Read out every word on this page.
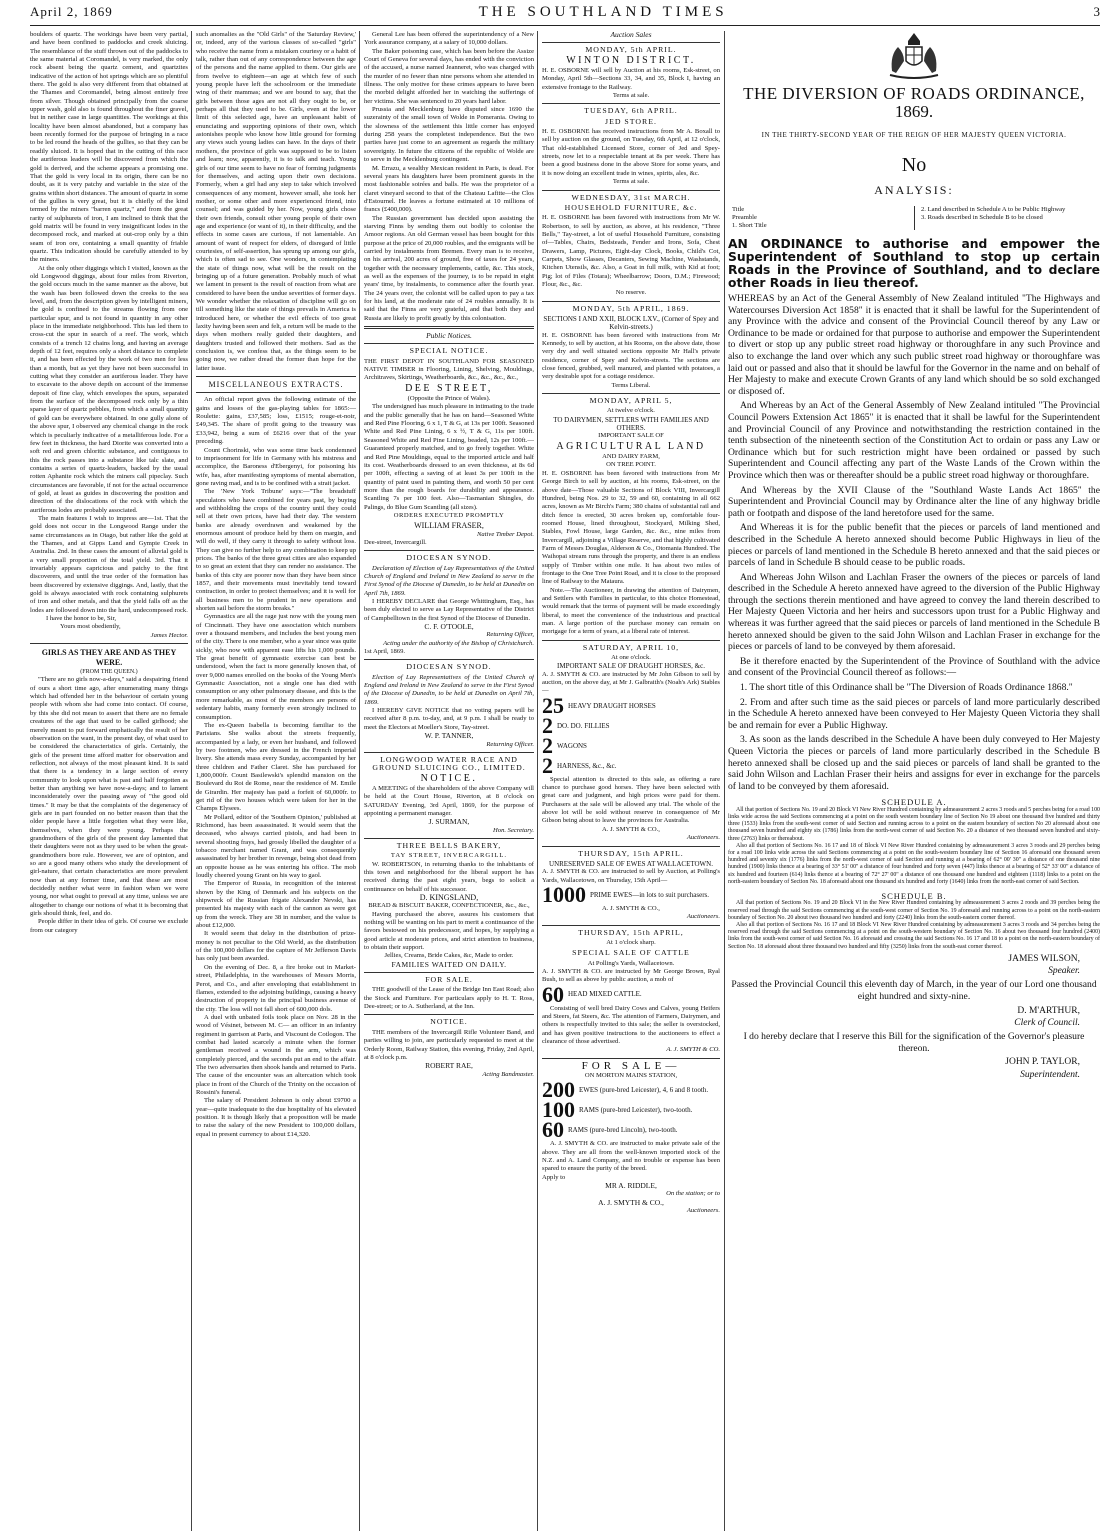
April 2, 1869	THE SOUTHLAND TIMES	3

boulders of quartz. The workings have been very partial, and have been confined to paddocks and creek sluicing. The resemblance of the stuff thrown out of the paddocks to the same material at Coromandel, is very marked, the only rock absent being the quartz cement, and quartzites indicative of the action of hot springs which are so plentiful there. The gold is also very different from that obtained at the Thames and Coromandel, being almost entirely free from silver. Though obtained principally from the coarse upper wash, gold also is found throughout the finer gravel, but in neither case in large quantities. The workings at this locality have been almost abandoned, but a company has been recently formed for the purpose of bringing in a race to be led round the heads of the gullies, so that they can be readily sluiced. It is hoped that in the cutting of this race the auriferous leaders will be discovered from which the gold is derived, and the scheme appears a promising one. That the gold is very local in its origin, there can be no doubt, as it is very patchy and variable in the size of the grains within short distances. The amount of quartz in some of the gullies is very great, but it is chiefly of the kind termed by the miners "barren quartz," and from the great rarity of sulphurets of iron, I am inclined to think that the gold matrix will be found in very insignificant lodes in the decomposed rock, and marked at out-crop only by a thin seam of iron ore, containing a small quantity of friable quartz. This indication should be carefully attended to by the miners.

At the only other diggings which I visited, known as the old Longwood diggings, about four miles from Riverton, the gold occurs much in the same manner as the above, but the wash has been followed down the creeks to the sea level, and, from the description given by intelligent miners, the gold is confined to the streams flowing from one particular spur, and is not found in quantity in any other place in the immediate neighborhood. This has led them to cross-cut the spur in search of a reef. The work, which consists of a trench 12 chains long, and having an average depth of 12 feet, requires only a short distance to complete it, and has been effected by the work of two men for less than a month, but as yet they have not been successful in cutting what they consider an auriferous leader. They have to excavate to the above depth on account of the immense deposit of fine clay, which envelopes the spurs, separated from the surface of the decomposed rock only by a thin sparse layer of quartz pebbles, from which a small quantity of gold can be everywhere obtained. In one gully alone of the above spur, I observed any chemical change in the rock which is peculiarly indicative of a metalliferous lode. For a few feet in thickness, the hard Diorite was converted into a soft red and green chloritic substance, and contiguous to this the rock passes into a substance like talc slate, and contains a series of quartz-leaders, backed by the usual rotten Aphanite rock which the miners call pipeclay. Such circumstances are favorable, if not for the actual occurrence of gold, at least as guides in discovering the position and direction of the dislocations of the rock with which the auriferous lodes are probably associated.

The main features I wish to impress are—1st. That the gold does not occur in the Longwood Range under the same circumstances as in Otago, but rather like the gold at the Thames, and at Gipps Land and Gympie Creek in Australia. 2nd. In these cases the amount of alluvial gold is a very small proportion of the total yield. 3rd. That it invariably appears capricious and patchy to the first discoverers, and until the true order of the formation has been discovered by extensive diggings. And, lastly, that the gold is always associated with rock containing sulphurets of iron and other metals, and that the yield falls off as the lodes are followed down into the hard, undecomposed rock.

I have the honor to be, Sir,

Yours most obediently,

James Hector.

GIRLS AS THEY ARE AND AS THEY WERE.
(FROM THE QUEEN.)

"There are no girls now-a-days," said a despairing friend of ours a short time ago, after enumerating many things which had offended her in the behaviour of certain young people with whom she had come into contact. Of course, by this she did not mean to assert that there are no female creatures of the age that used to be called girlhood; she merely meant to put forward emphatically the result of her observation on the want, in the present day, of what used to be considered the characteristics of girls. Certainly, the girls of the present time afford matter for observation and reflection, not always of the most pleasant kind. It is said that there is a tendency in a large section of every community to look upon what is past and half forgotten as better than anything we have now-a-days; and to lament inconsiderately over the passing away of "the good old times." It may be that the complaints of the degeneracy of girls are in part founded on no better reason than that the older people have a little forgotten what they were like, themselves, when they were young. Perhaps the grandmothers of the girls of the present day lamented that their daughters were not as they used to be when the great-grandmothers bore rule. However, we are of opinion, and so are a good many others who study the development of girl-nature, that certain characteristics are more prevalent now than at any former time, and that these are most decidedly neither what were in fashion when we were young, nor what ought to prevail at any time, unless we are altogether to change our notions of what it is becoming that girls should think, feel, and do.

People differ in their idea of girls. Of course we exclude from our category

such anomalies as the "Old Girls" of the 'Saturday Review,' or, indeed, any of the various classes of so-called "girls" who receive the name from a mistaken courtesy or a habit of talk, rather than out of any correspondence between the age of the persons and the name applied to them. Our girls are from twelve to eighteen—an age at which few of such young people have left the schoolroom or the immediate wing of their mammas; and we are bound to say, that the girls between those ages are not all they ought to be, or perhaps all that they used to be. Girls, even at the lower limit of this selected age, have an unpleasant habit of enunciating and supporting opinions of their own, which astonishes people who know how little ground for forming any views such young ladies can have. In the days of their mothers, the province of girls was supposed to be to listen and learn; now, apparently, it is to talk and teach. Young girls of our time seem to have no fear of forming judgments for themselves, and acting upon their own decisions. Formerly, when a girl had any step to take which involved consequences of any moment, however small, she took her mother, or some other and more experienced friend, into counsel; and was guided by her. Now, young girls chose their own friends, consult other young people of their own age and experience (or want of it), in their difficulty, and the effects in some cases are curious, if not lamentable. An amount of want of respect for elders, of disregard of little courtesies, of self-assertion, has sprung up among our girls, which is often sad to see. One wonders, in contemplating the state of things now, what will be the result on the bringing up of a future generation. Probably much of what we lament in present is the result of reaction from what are considered to have been the undue severities of former days. We wonder whether the relaxation of discipline will go on till something like the state of things prevails in America is introduced here, or whether the evil effects of too great laxity having been seen and felt, a return will be made to the days when mothers really guided their daughters, and daughters trusted and followed their mothers. Sad as the conclusion is, we confess that, as the things seem to be going now, we rather dread the former than hope for the latter issue.

MISCELLANEOUS EXTRACTS.

An official report gives the following estimate of the gains and losses of the gas-playing tables for 1865:—Roulette: gains, £37,585; loss, £1515; rouge-et-noir, £49,345. The share of profit going to the treasury was £33,942, being a sum of £6216 over that of the year preceding.

Count Chorinski, who was some time back condemned to imprisonment for life in Germany with his mistress and accomplice, the Baroness d'Ebergenyi, for poisoning his wife, has, after manifesting symptoms of mental aberration, gone raving mad, and is to be confined with a strait jacket.

The 'New York Tribune' says:—"The breadstuff speculators who have combined for years past, by buying and withholding the crops of the country until they could sell at their own prices, have had their day. The western banks are already overdrawn and weakened by the enormous amount of produce held by them on margin, and will do well, if they carry it through to safety without loss. They can give no further help to any combination to keep up prices. The banks of the three great cities are also expanded to so great an extent that they can render no assistance. The banks of this city are poorer now than they have been since 1857, and their movements must inevitably tend toward contraction, in order to protect themselves; and it is well for all business men to be prudent in new operations and shorten sail before the storm breaks."

Gymnastics are all the rage just now with the young men of Cincinnati. They have one association which numbers over a thousand members, and includes the best young men of the city. There is one member, who a year since was quite sickly, who now with apparent ease lifts his 1,000 pounds. The great benefit of gymnastic exercise can best be understood, when the fact is more generally known that, of over 9,000 names enrolled on the books of the Young Men's Gymnastic Association, not a single one has died with consumption or any other pulmonary disease, and this is the more remarkable, as most of the members are persons of sedentary habits, many formerly even strongly inclined to consumption.

The ex-Queen Isabella is becoming familiar to the Parisians. She walks about the streets frequently, accompanied by a lady, or even her husband, and followed by two footmen, who are dressed in the French imperial livery. She attends mass every Sunday, accompanied by her three children and Father Claret. She has purchased for 1,800,000fr. Count Basilewski's splendid mansion on the Boulevard du Roi de Rome, near the residence of M. Emile de Girardin. Her majesty has paid a forfeit of 60,000fr. to get rid of the two houses which were taken for her in the Champs Elysees.

Mr Pollard, editor of the 'Southern Opinion,' published at Richmond, has been assassinated. It would seem that the deceased, who always carried pistols, and had been in several shooting frays, had grossly libelled the daughter of a tobacco merchant named Grant, and was consequently assassinated by her brother in revenge, being shot dead from an opposite house as he was entering his office. The mob loudly cheered young Grant on his way to gaol.

The Emperor of Russia, in recognition of the interest shown by the King of Denmark and his subjects on the shipwreck of the Russian frigate Alexander Nevski, has presented his majesty with each of the cannon as were got up from the wreck. They are 38 in number, and the value is about £12,000.

It would seem that delay in the distribution of prize-money is not peculiar to the Old World, as the distribution of the 100,000 dollars for the capture of Mr Jefferson Davis has only just been awarded.

On the evening of Dec. 8, a fire broke out in Market-street, Philadelphia, in the warehouses of Messrs Morris, Perot, and Co., and after enveloping that establishment in flames, extended to the adjoining buildings, causing a heavy destruction of property in the principal business avenue of the city. The loss will not fall short of 600,000 dols.

A duel with unbated foils took place on Nov. 28 in the wood of Vésinet, between M. C— an officer in an infantry regiment in garrison at Paris, and Viscount de Cotlogon. The combat had lasted scarcely a minute when the former gentleman received a wound in the arm, which was completely pierced, and the seconds put an end to the affair. The two adversaries then shook hands and returned to Paris. The cause of the encounter was an altercation which took place in front of the Church of the Trinity on the occasion of Rossini's funeral.

The salary of President Johnson is only about £9700 a year—quite inadequate to the due hospitality of his elevated position. It is though likely that a proposition will be made to raise the salary of the new President to 100,000 dollars, equal in present currency to about £14,320.

General Lee has been offered the superintendency of a New York assurance company, at a salary of 10,000 dollars.

The Baker poisoning case, which has been before the Assize Court of Geneva for several days, has ended with the conviction of the accused, a nurse named Jeanneret, who was charged with the murder of no fewer than nine persons whom she attended in illness. The only motive for these crimes appears to have been the morbid delight afforded her in watching the sufferings of her victims. She was sentenced to 20 years hard labor.

Prussia and Mecklenburg have disputed since 1690 the suzerainty of the small town of Wolde in Pomerania. Owing to the slowness of the settlement this little corner has enjoyed during 258 years the completest independence. But the two parties have just come to an agreement as regards the military sovereignty. In future the citizens of the republic of Wolde are to serve in the Mecklenburg contingent.

M. Errazu, a wealthy Mexican resident in Paris, is dead. For several years his daughters have been prominent guests in the most fashionable soirées and balls. He was the proprietor of a claret vineyard second to that of the Chateau Lafitte—the Clos d'Estournel. He leaves a fortune estimated at 10 millions of francs (£400,000).

The Russian government has decided upon assisting the starving Finns by sending them out bodily to colonise the Amoor regions. An old German vessel has been bought for this purpose at the price of 20,000 roubles, and the emigrants will be carried by instalments from Bremen. Every man is to receive, on his arrival, 200 acres of ground, free of taxes for 24 years, together with the necessary implements, cattle, &c. This stock, as well as the expenses of the journey, is to be repaid in eight years' time, by instalments, to commence after the fourth year. The 24 years over, the colonist will be called upon to pay a tax for his land, at the moderate rate of 24 roubles annually. It is said that the Finns are very grateful, and that both they and Russia are likely to profit greatly by this colonisation.

Public Notices.
SPECIAL NOTICE.

THE FIRST DEPOT IN SOUTHLAND FOR SEASONED NATIVE TIMBER in Flooring, Lining, Shelving, Mouldings, Architraves, Skirtings, Weatherboards, &c., &c., &c., &c.,

DEE STREET,
(Opposite the Prince of Wales).

The undersigned has much pleasure in intimating to the trade and the public generally that he has on hand—Seasoned White and Red Pine Flooring, 6 x 1, T & G, at 13s per 100ft. Seasoned White and Red Pine Lining, 6 x ½, T & G, 11s per 100ft. Seasoned White and Red Pine Lining, beaded, 12s per 100ft.—Guaranteed properly matched, and to go freely together. White and Red Pine Mouldings, equal to the imported article and half its cost. Weatherboards dressed to an even thickness, at 8s 6d per 100ft, effecting a saving of at least 3s per 100ft in the quantity of paint used in painting them, and worth 50 per cent more than the rough boards for durability and appearance. Scantling 7s per 100 feet. Also—Tasmanian Shingles, do Palings, do Blue Gum Scantling (all sizes).

ORDERS EXECUTED PROMPTLY
WILLIAM FRASER,
Native Timber Depot.
Dee-street, Invercargill.
DIOCESAN SYNOD.

Declaration of Election of Lay Representatives of the United Church of England and Ireland in New Zealand to serve in the First Synod of the Diocese of Dunedin, to be held at Dunedin on April 7th, 1869.

I HEREBY DECLARE that George Whittingham, Esq., has been duly elected to serve as Lay Representative of the District of Campbelltown in the first Synod of the Diocese of Dunedin.

C. F. O'TOOLE,
Returning Officer,
Acting under the authority of the Bishop of Christchurch.
1st April, 1869.
DIOCESAN SYNOD.

Election of Lay Representatives of the United Church of England and Ireland in New Zealand to serve in the First Synod of the Diocese of Dunedin, to be held at Dunedin on April 7th, 1869.

I HEREBY GIVE NOTICE that no voting papers will be received after 8 p.m. to-day, and, at 9 p.m. I shall be ready to meet the Electors at Moeller's Store, Tay-street.

W. P. TANNER,
Returning Officer.
LONGWOOD WATER RACE AND GROUND SLUICING CO., LIMITED.
NOTICE.

A MEETING of the shareholders of the above Company will be held at the Court House, Riverton, at 8 o'clock on SATURDAY Evening, 3rd April, 1869, for the purpose of appointing a permanent manager.

J. SURMAN,
Hon. Secretary.
THREE BELLS BAKERY,
TAY STREET, INVERCARGILL.

W. ROBERTSON, in returning thanks to the inhabitants of this town and neighborhood for the liberal support he has received during the past eight years, begs to solicit a continuance on behalf of his successor.

D. KINGSLAND,
BREAD & BISCUIT BAKER, CONFECTIONER, &c., &c.,

Having purchased the above, assures his customers that nothing will be wanting on his part to merit a continuance of the favors bestowed on his predecessor, and hopes, by supplying a good article at moderate prices, and strict attention to business, to obtain their support.

Jellies, Creams, Bride Cakes, &c, Made to order.
FAMILIES WAITED ON DAILY.
FOR SALE.

THE goodwill of the Lease of the Bridge Inn East Road; also the Stock and Furniture. For particulars apply to H. T. Ross, Dee-street; or to A. Sutherland, at the Inn.

NOTICE.

THE members of the Invercargill Rifle Volunteer Band, and parties willing to join, are particularly requested to meet at the Orderly Room, Railway Station, this evening, Friday, 2nd April, at 8 o'clock p.m.

ROBERT RAE,
Acting Bandmaster.
Auction Sales
MONDAY, 5th APRIL.
WINTON DISTRICT.

H. E. OSBORNE will sell by Auction at his rooms, Esk-street, on Monday, April 5th—Sections 33, 34, and 35, Block I, having an extensive frontage to the Railway.

Terms at sale.
TUESDAY, 6th APRIL.
JED STORE.

H. E. OSBORNE has received instructions from Mr A. Boxall to sell by auction on the ground, on Tuesday, 6th April, at 12 o'clock, That old-established Licensed Store, corner of Jed and Spey-streets, now let to a respectable tenant at 8s per week. There has been a good business done in the above Store for some years, and it is now doing an excellent trade in wines, spirits, ales, &c.

Terms at sale.
WEDNESDAY, 31st MARCH.
HOUSEHOLD FURNITURE, &c.

H. E. OSBORNE has been favored with instructions from Mr W. Robertson, to sell by auction, as above, at his residence, "Three Bells," Tay-street, a lot of useful Household Furniture, consisting of—Tables, Chairs, Bedsteads, Fender and Irons, Sofa, Chest Drawers, Lamp, Pictures, Eight-day Clock, Books, Child's Cot, Carpets, Show Glasses, Decanters, Sewing Machine, Washstands, Kitchen Utensils, &c. Also, a Goat in full milk, with Kid at foot; Pig; lot of Files (Totara); Wheelbarrow; Doors, D.M.; Firewood; Flour, &c., &c.

No reserve.
MONDAY, 5th APRIL, 1869.
SECTIONS I AND XXII, BLOCK LXV., (Corner of Spey and Kelvin-streets.)

H. E. OSBORNE has been favored with instructions from Mr Kennedy, to sell by auction, at his Rooms, on the above date, those very dry and well situated sections opposite Mr Hall's private residence, corner of Spey and Kelvin-streets. The sections are close fenced, grubbed, well manured, and planted with potatoes, a very desirable spot for a cottage residence.

Terms Liberal.
MONDAY, APRIL 5,
At twelve o'clock.
TO DAIRYMEN, SETTLERS WITH FAMILIES AND OTHERS.
IMPORTANT SALE OF
AGRICULTURAL LAND
AND DAIRY FARM,
ON TREE POINT.

H. E. OSBORNE has been favored with instructions from Mr George Birch to sell by auction, at his rooms, Esk-street, on the above date—Those valuable Sections of Block VIII, Invercargill Hundred, being Nos. 29 to 32, 59 and 60, containing in all 662 acres, known as Mr Birch's Farm; 380 chains of substantial rail and ditch fence is erected, 30 acres broken up, comfortable four-roomed House, lined throughout, Stockyard, Milking Shed, Stables, Fowl House, large Garden, &c. &c., nine miles from Invercargill, adjoining a Village Reserve, and that highly cultivated Farm of Messrs Douglas, Alderson & Co., Otomania Hundred. The Waihopai stream runs through the property, and there is an endless supply of Timber within one mile. It has about two miles of frontage to the One Tree Point Road, and it is close to the proposed line of Railway to the Mataura.

Note.—The Auctioneer, in drawing the attention of Dairymen, and Settlers with Families in particular, to this choice Homestead, would remark that the terms of payment will be made exceedingly liberal, to meet the convenience of the industrious and practical man. A large portion of the purchase money can remain on mortgage for a term of years, at a liberal rate of interest.

SATURDAY, APRIL 10,
At one o'clock.
IMPORTANT SALE OF DRAUGHT HORSES, &c.

A. J. SMYTH & CO. are instructed by Mr John Gibson to sell by auction, on the above day, at Mr J. Galbraith's (Noah's Ark) Stables—

25 HEAVY DRAUGHT HORSES
2 DO. DO. FILLIES
2 WAGONS
2 HARNESS, &c., &c.

Special attention is directed to this sale, as offering a rare chance to purchase good horses. They have been selected with great care and judgment, and high prices were paid for them. Purchasers at the sale will be allowed any trial. The whole of the above lot will be sold without reserve in consequence of Mr Gibson being about to leave the provinces for Australia.

A. J. SMYTH & CO.,
Auctioneers.
THURSDAY, 15th APRIL.
UNRESERVED SALE OF EWES AT WALLACETOWN.

A. J. SMYTH & CO. are instructed to sell by Auction, at Polling's Yards, Wallacetown, on Thursday, 15th April—

1000 PRIME EWES—in lots to suit purchasers.
A. J. SMYTH & CO.,
Auctioneers.
THURSDAY, 15th APRIL,
At 1 o'clock sharp.
SPECIAL SALE OF CATTLE
At Polling's Yards, Wallacetown.

A. J. SMYTH & CO. are instructed by Mr George Brown, Ryal Bush, to sell as above by public auction, a mob of

60 HEAD MIXED CATTLE.

Consisting of well bred Dairy Cows and Calves, young Heifers and Steers, fat Steers, &c. The attention of Farmers, Dairymen, and others is respectfully invited to this sale; the seller is overstocked, and has given positive instructions to the auctioneers to effect a clearance of those advertised.

A. J. SMYTH & CO.
FOR SALE—
ON MORTON MAINS STATION,
200 EWES (pure-bred Leicester), 4, 6 and 8 tooth.
100 RAMS (pure-bred Leicester), two-tooth.
60 RAMS (pure-bred Lincoln), two-tooth.

A. J. SMYTH & CO. are instructed to make private sale of the above. They are all from the well-known imported stock of the N.Z. and A. Land Company, and no trouble or expense has been spared to ensure the purity of the breed.

Apply to
MR A. RIDDLE,
On the station; or to
A. J. SMYTH & CO.,
Auctioneers.
THE DIVERSION OF ROADS ORDINANCE,
1869.
IN THE THIRTY-SECOND YEAR OF THE REIGN OF HER MAJESTY QUEEN VICTORIA.
No
ANALYSIS:
Title
Preamble
1. Short Title
2. Land described in Schedule A to be Public Highway
3. Roads described in Schedule B to be closed
AN ORDINANCE to authorise and empower the Superintendent of Southland to stop up certain Roads in the Province of Southland, and to declare other Roads in lieu thereof.

WHEREAS by an Act of the General Assembly of New Zealand intituled "The Highways and Watercourses Diversion Act 1858" it is enacted that it shall be lawful for the Superintendent of any Province with the advice and consent of the Provincial Council thereof by any Law or Ordinance to be made or ordained for that purpose to authorise and empower the Superintendent to divert or stop up any public street road highway or thoroughfare in any such Province and also to exchange the land over which any such public street road highway or thoroughfare was laid out or passed and also that it should be lawful for the Governor in the name and on behalf of Her Majesty to make and execute Crown Grants of any land which should be so sold exchanged or disposed of.

And Whereas by an Act of the General Assembly of New Zealand intituled "The Provincial Council Powers Extension Act 1865" it is enacted that it shall be lawful for the Superintendent and Provincial Council of any Province and notwithstanding the restriction contained in the tenth subsection of the nineteenth section of the Constitution Act to ordain or pass any Law or Ordinance which but for such restriction might have been ordained or passed by such Superintendent and Council affecting any part of the Waste Lands of the Crown within the Province which then was or thereafter should be a public street road highway or thoroughfare.

And Whereas by the XVII Clause of the "Southland Waste Lands Act 1865" the Superintendent and Provincial Council may by Ordinance alter the line of any highway bridle path or footpath and dispose of the land heretofore used for the same.

And Whereas it is for the public benefit that the pieces or parcels of land mentioned and described in the Schedule A hereto annexed should become Public Highways in lieu of the pieces or parcels of land mentioned in the Schedule B hereto annexed and that the said pieces or parcels of land in Schedule B should cease to be public roads.

And Whereas John Wilson and Lachlan Fraser the owners of the pieces or parcels of land described in the Schedule A hereto annexed have agreed to the diversion of the Public Highway through the sections therein mentioned and have agreed to convey the land therein described to Her Majesty Queen Victoria and her heirs and successors upon trust for a Public Highway and whereas it was further agreed that the said pieces or parcels of land mentioned in the Schedule B hereto annexed should be given to the said John Wilson and Lachlan Fraser in exchange for the pieces or parcels of land to be conveyed by them aforesaid.

Be it therefore enacted by the Superintendent of the Province of Southland with the advice and consent of the Provincial Council thereof as follows:—

1. The short title of this Ordinance shall be "The Diversion of Roads Ordinance 1868."

2. From and after such time as the said pieces or parcels of land more particularly described in the Schedule A hereto annexed have been conveyed to Her Majesty Queen Victoria they shall be and remain for ever a Public Highway.

3. As soon as the lands described in the Schedule A have been duly conveyed to Her Majesty Queen Victoria the pieces or parcels of land more particularly described in the Schedule B hereto annexed shall be closed up and the said pieces or parcels of land shall be granted to the said John Wilson and Lachlan Fraser their heirs and assigns for ever in exchange for the parcels of land to be conveyed by them aforesaid.

SCHEDULE A.

All that portion of Sections No. 19 and 20 Block VI New River Hundred containing by admeasurement 2 acres 3 roods and 5 perches being for a road 100 links wide across the said Sections commencing at a point on the south western boundary line of Section No 19 about one thousand five hundred and thirty three (1533) links from the south-west corner of said Section and running across to a point on the eastern boundary of section No 20 aforesaid about one thousand seven hundred and eighty six (1786) links from the north-west corner of said Section No. 20 a distance of two thousand seven hundred and sixty-three (2763) links or thereabout.

Also all that portion of Sections No. 16 17 and 18 of Block VI New River Hundred containing by admeasurement 3 acres 3 roods and 29 perches being for a road 100 links wide across the said Sections commencing at a point on the south-western boundary line of Section 16 aforesaid one thousand seven hundred and seventy six (1776) links from the north-west corner of said Section and running at a bearing of 62° 00' 30" a distance of one thousand nine hundred (1900) links thence at a bearing of 33° 51' 00" a distance of four hundred and forty seven (447) links thence at a bearing of 52° 33' 00" a distance of six hundred and fourteen (614) links thence at a bearing of 72° 27' 00" a distance of one thousand one hundred and eighteen (1118) links to a point on the north-eastern boundary of Section No. 18 aforesaid about one thousand six hundred and forty (1640) links from the north-east corner of said Section.

SCHEDULE B.

All that portion of Sections No. 19 and 20 Block VI in the New River Hundred containing by admeasurement 3 acres 2 roods and 39 perches being the reserved road through the said Sections commencing at the south-west corner of Section No. 19 aforesaid and running across to a point on the north-eastern boundary of Section No. 20 about two thousand two hundred and forty (2240) links from the south-eastern corner thereof.

Also all that portion of Sections No. 16 17 and 18 Block VI New River Hundred containing by admeasurement 3 acres 3 roods and 34 perches being the reserved road through the said Sections commencing at a point on the south-western boundary of Section No. 16 about two thousand four hundred (2400) links from the south-west corner of said Section No. 16 aforesaid and crossing the said Sections No. 16 17 and 18 to a point on the north-eastern boundary of Section No. 18 aforesaid about three thousand two hundred and fifty (3250) links from the south-east corner thereof.

JAMES WILSON,
Speaker.
Passed the Provincial Council this eleventh day of March, in the year of our Lord one thousand eight hundred and sixty-nine.
D. M'ARTHUR,
Clerk of Council.
I do hereby declare that I reserve this Bill for the signification of the Governor's pleasure thereon.
JOHN P. TAYLOR,
Superintendent.
